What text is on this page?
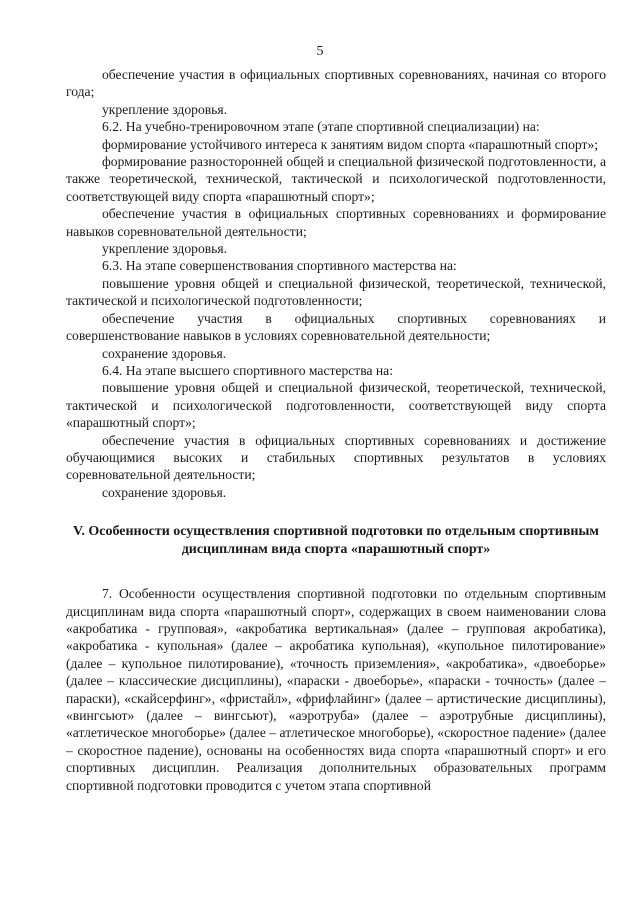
5

обеспечение участия в официальных спортивных соревнованиях, начиная со второго года;

укрепление здоровья.

6.2. На учебно-тренировочном этапе (этапе спортивной специализации) на:

формирование устойчивого интереса к занятиям видом спорта «парашютный спорт»;

формирование разносторонней общей и специальной физической подготовленности, а также теоретической, технической, тактической и психологической подготовленности, соответствующей виду спорта «парашютный спорт»;

обеспечение участия в официальных спортивных соревнованиях и формирование навыков соревновательной деятельности;

укрепление здоровья.

6.3. На этапе совершенствования спортивного мастерства на:

повышение уровня общей и специальной физической, теоретической, технической, тактической и психологической подготовленности;

обеспечение участия в официальных спортивных соревнованиях и совершенствование навыков в условиях соревновательной деятельности;

сохранение здоровья.

6.4. На этапе высшего спортивного мастерства на:

повышение уровня общей и специальной физической, теоретической, технической, тактической и психологической подготовленности, соответствующей виду спорта «парашютный спорт»;

обеспечение участия в официальных спортивных соревнованиях и достижение обучающимися высоких и стабильных спортивных результатов в условиях соревновательной деятельности;

сохранение здоровья.

V. Особенности осуществления спортивной подготовки по отдельным спортивным дисциплинам вида спорта «парашютный спорт»

7. Особенности осуществления спортивной подготовки по отдельным спортивным дисциплинам вида спорта «парашютный спорт», содержащих в своем наименовании слова «акробатика - групповая», «акробатика вертикальная» (далее – групповая акробатика), «акробатика - купольная» (далее – акробатика купольная), «купольное пилотирование» (далее – купольное пилотирование), «точность приземления», «акробатика», «двоеборье» (далее – классические дисциплины), «параски - двоеборье», «параски - точность» (далее – параски), «скайсерфинг», «фристайл», «фрифлайинг» (далее – артистические дисциплины), «вингсьют» (далее – вингсьют), «аэротруба» (далее – аэротрубные дисциплины), «атлетическое многоборье» (далее – атлетическое многоборье), «скоростное падение» (далее – скоростное падение), основаны на особенностях вида спорта «парашютный спорт» и его спортивных дисциплин. Реализация дополнительных образовательных программ спортивной подготовки проводится с учетом этапа спортивной
